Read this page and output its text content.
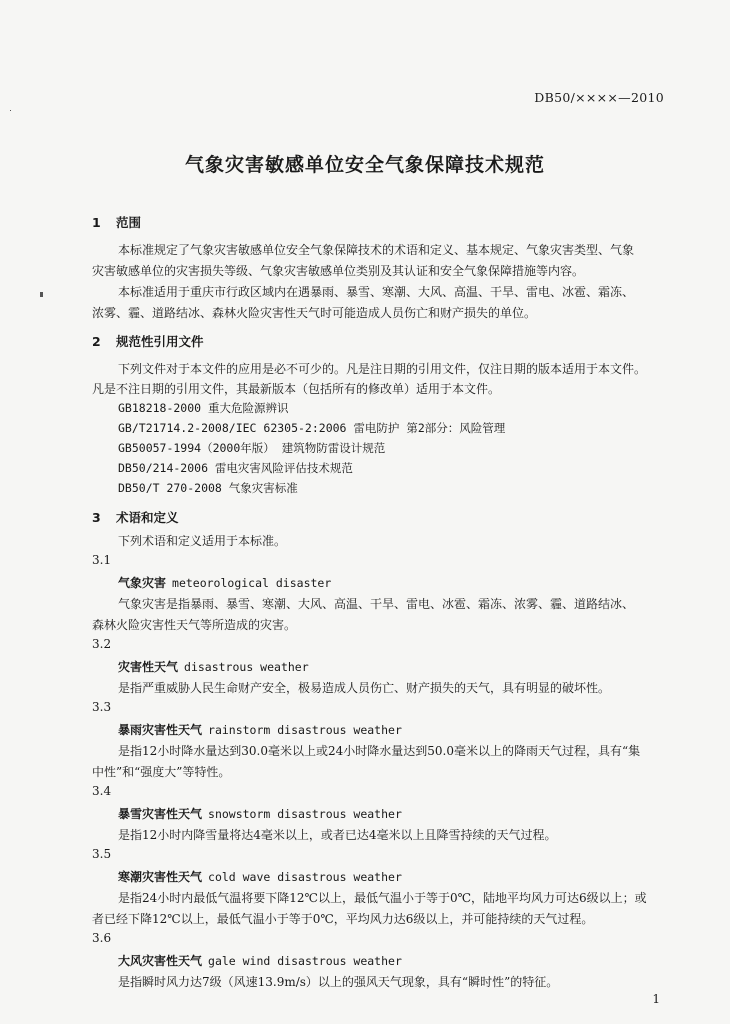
DB50/××××—2010
气象灾害敏感单位安全气象保障技术规范
1 范围
本标准规定了气象灾害敏感单位安全气象保障技术的术语和定义、基本规定、气象灾害类型、气象
灾害敏感单位的灾害损失等级、气象灾害敏感单位类别及其认证和安全气象保障措施等内容。
本标准适用于重庆市行政区域内在遇暴雨、暴雪、寒潮、大风、高温、干旱、雷电、冰雹、霜冻、
浓雾、霾、道路结冰、森林火险灾害性天气时可能造成人员伤亡和财产损失的单位。
2 规范性引用文件
下列文件对于本文件的应用是必不可少的。凡是注日期的引用文件，仅注日期的版本适用于本文件。
凡是不注日期的引用文件，其最新版本（包括所有的修改单）适用于本文件。
GB18218-2000 重大危险源辨识
GB/T21714.2-2008/IEC 62305-2:2006 雷电防护 第2部分：风险管理
GB50057-1994（2000年版） 建筑物防雷设计规范
DB50/214-2006 雷电灾害风险评估技术规范
DB50/T 270-2008 气象灾害标准
3 术语和定义
下列术语和定义适用于本标准。
3.1
气象灾害 meteorological disaster
气象灾害是指暴雨、暴雪、寒潮、大风、高温、干旱、雷电、冰雹、霜冻、浓雾、霾、道路结冰、
森林火险灾害性天气等所造成的灾害。
3.2
灾害性天气 disastrous weather
是指严重威胁人民生命财产安全，极易造成人员伤亡、财产损失的天气，具有明显的破坏性。
3.3
暴雨灾害性天气 rainstorm disastrous weather
是指12小时降水量达到30.0毫米以上或24小时降水量达到50.0毫米以上的降雨天气过程，具有“集
中性”和“强度大”等特性。
3.4
暴雪灾害性天气 snowstorm disastrous weather
是指12小时内降雪量将达4毫米以上，或者已达4毫米以上且降雪持续的天气过程。
3.5
寒潮灾害性天气 cold wave disastrous weather
是指24小时内最低气温将要下降12℃以上，最低气温小于等于0℃，陆地平均风力可达6级以上；或
者已经下降12℃以上，最低气温小于等于0℃，平均风力达6级以上，并可能持续的天气过程。
3.6
大风灾害性天气 gale wind disastrous weather
是指瞬时风力达7级（风速13.9m/s）以上的强风天气现象，具有“瞬时性”的特征。
1
